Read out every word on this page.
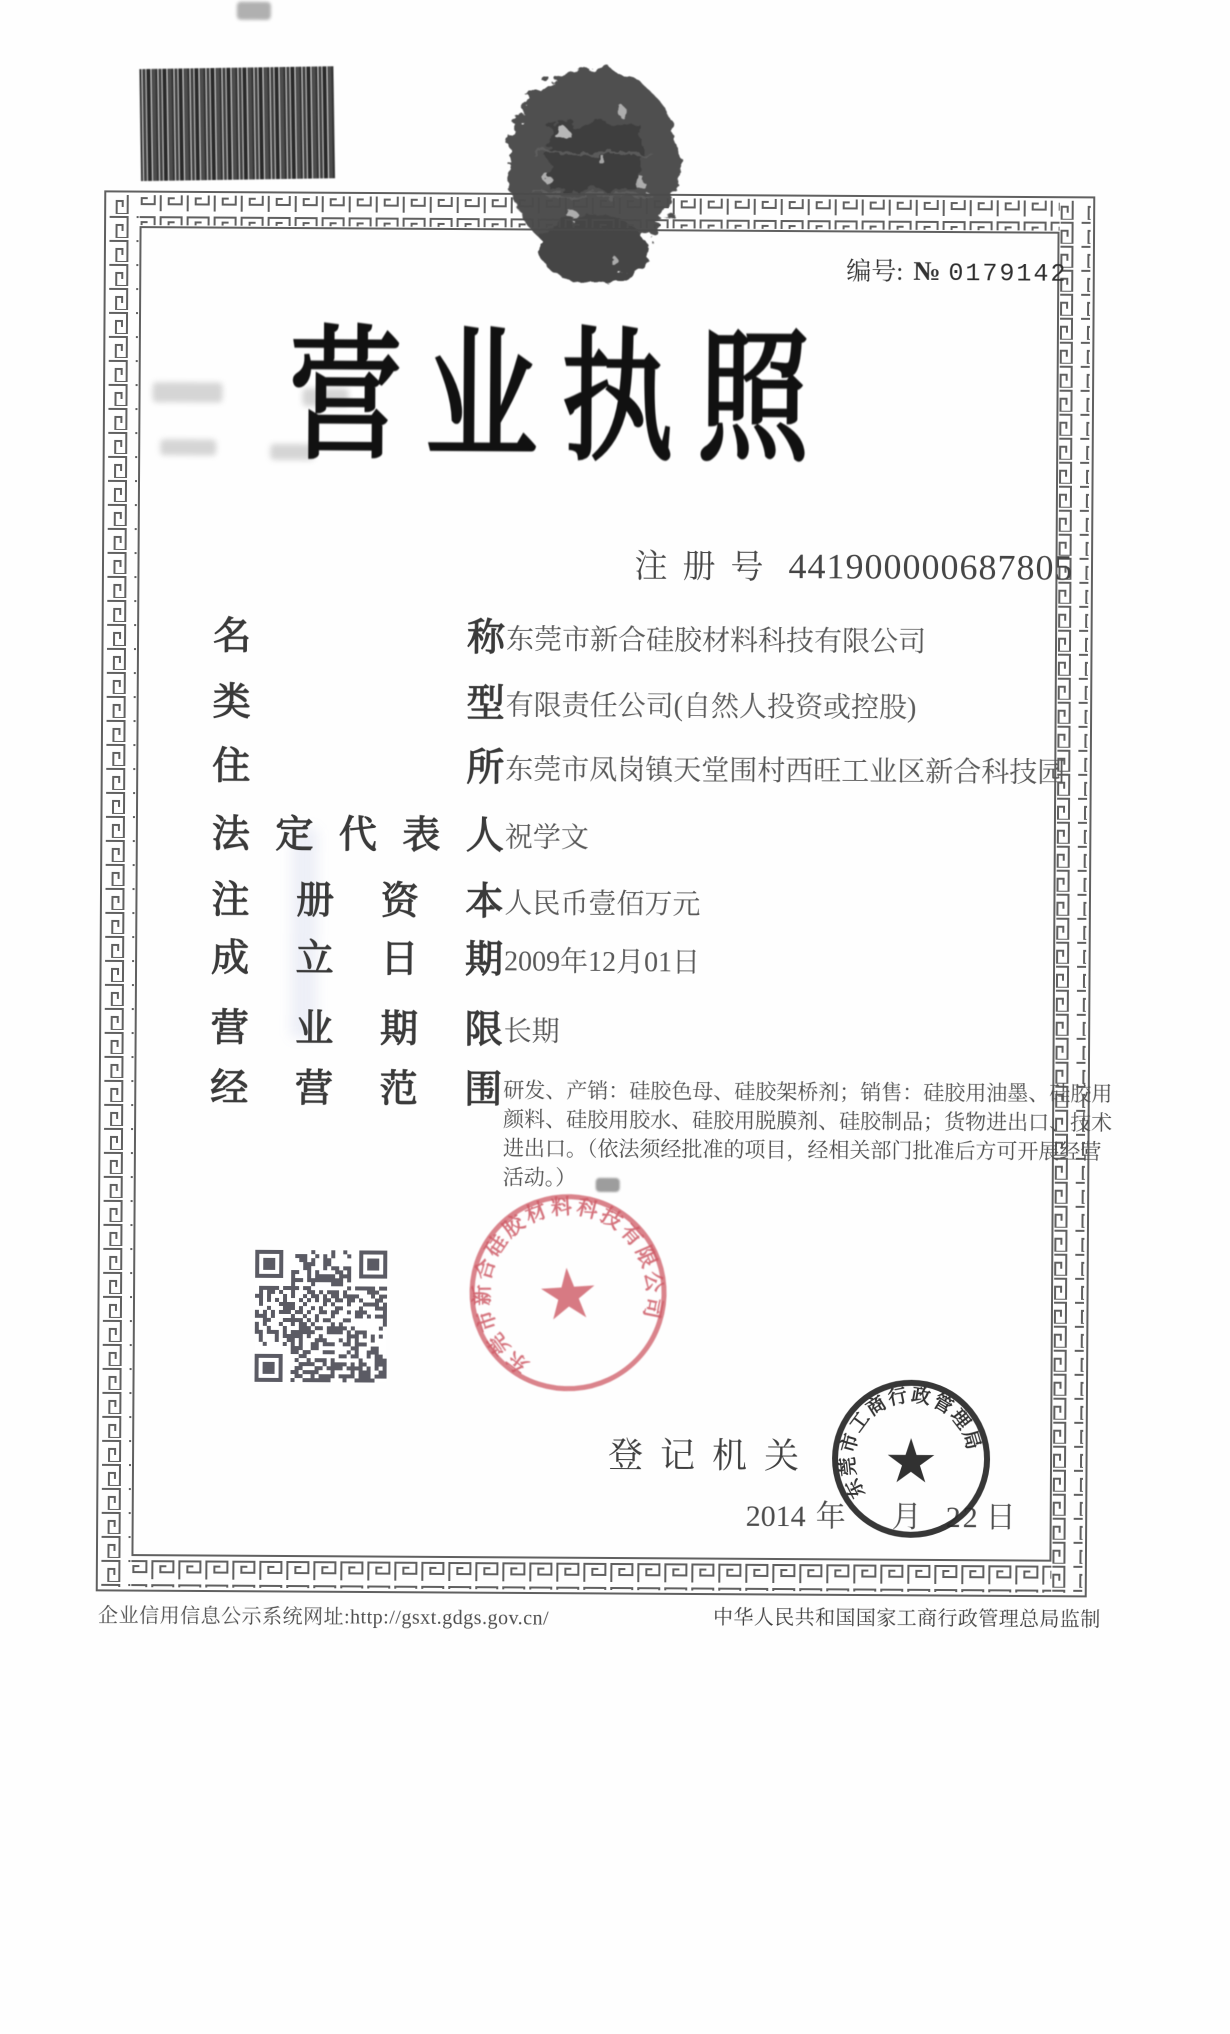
编号: № 0179142
营 业 执 照
注册号 441900000687805
名	称 东莞市新合硅胶材料科技有限公司
类	型 有限责任公司(自然人投资或控股)
住	所 东莞市凤岗镇天堂围村西旺工业区新合科技园
法 定 代 表 人 祝学文
注 册 资 本 人民币壹佰万元
成 立 日 期 2009年12月01日
营 业 期 限 长期
经 营 范 围 研发、产销：硅胶色母、硅胶架桥剂；销售：硅胶用油墨、硅胶用颜料、硅胶用胶水、硅胶用脱膜剂、硅胶制品；货物进出口、技术进出口。（依法须经批准的项目，经相关部门批准后方可开展经营活动。）
★
东莞市新合硅胶材料科技有限公司
登记机关
2014 年 月 22 日
★
东莞市工商行政管理局
企业信用信息公示系统网址:http://gsxt.gdgs.gov.cn/	中华人民共和国国家工商行政管理总局监制
